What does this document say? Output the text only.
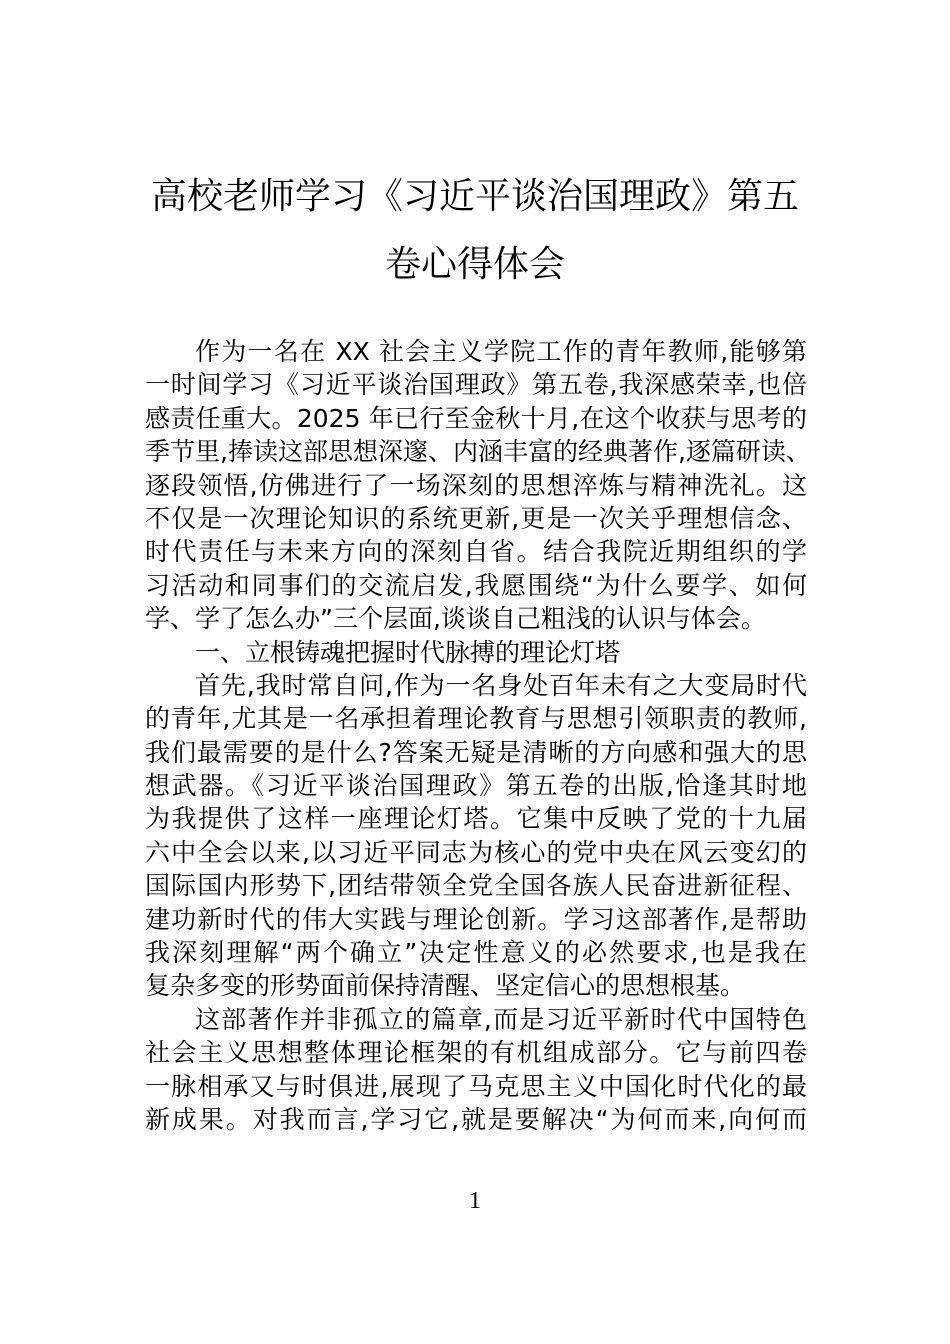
高校老师学习《习近平谈治国理政》第五
卷心得体会
作为一名在 XX 社会主义学院工作的青年教师,能够第
一时间学习《习近平谈治国理政》第五卷,我深感荣幸,也倍
感责任重大。2025 年已行至金秋十月,在这个收获与思考的
季节里,捧读这部思想深邃、内涵丰富的经典著作,逐篇研读、
逐段领悟,仿佛进行了一场深刻的思想淬炼与精神洗礼。这
不仅是一次理论知识的系统更新,更是一次关乎理想信念、
时代责任与未来方向的深刻自省。结合我院近期组织的学
习活动和同事们的交流启发,我愿围绕“为什么要学、如何
学、学了怎么办”三个层面,谈谈自己粗浅的认识与体会。
一、立根铸魂把握时代脉搏的理论灯塔
首先,我时常自问,作为一名身处百年未有之大变局时代
的青年,尤其是一名承担着理论教育与思想引领职责的教师,
我们最需要的是什么?答案无疑是清晰的方向感和强大的思
想武器。《习近平谈治国理政》第五卷的出版,恰逢其时地
为我提供了这样一座理论灯塔。它集中反映了党的十九届
六中全会以来,以习近平同志为核心的党中央在风云变幻的
国际国内形势下,团结带领全党全国各族人民奋进新征程、
建功新时代的伟大实践与理论创新。学习这部著作,是帮助
我深刻理解“两个确立”决定性意义的必然要求,也是我在
复杂多变的形势面前保持清醒、坚定信心的思想根基。
这部著作并非孤立的篇章,而是习近平新时代中国特色
社会主义思想整体理论框架的有机组成部分。它与前四卷
一脉相承又与时俱进,展现了马克思主义中国化时代化的最
新成果。对我而言,学习它,就是要解决“为何而来,向何而
1
